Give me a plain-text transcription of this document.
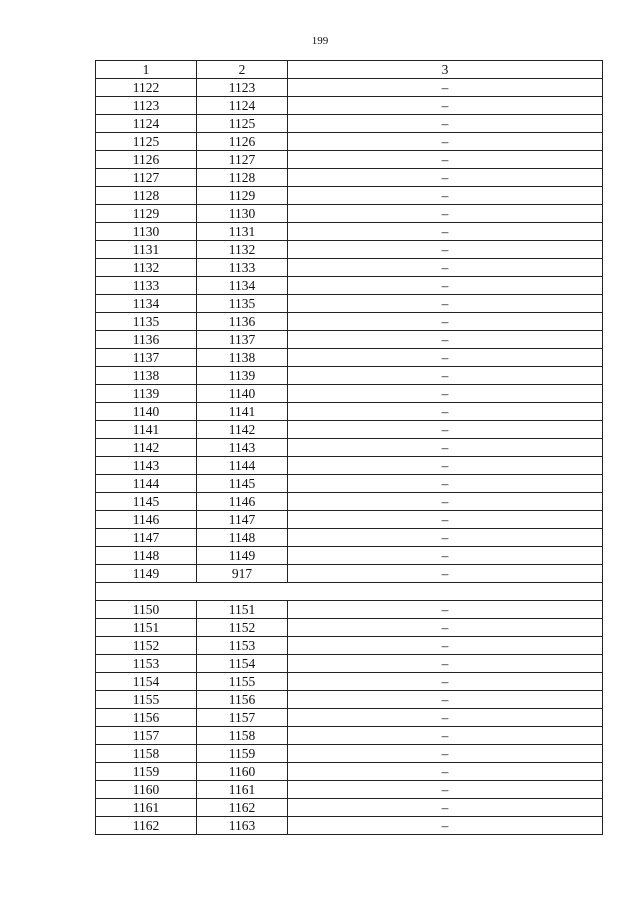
199
1	2	3
1122	1123	–
1123	1124	–
1124	1125	–
1125	1126	–
1126	1127	–
1127	1128	–
1128	1129	–
1129	1130	–
1130	1131	–
1131	1132	–
1132	1133	–
1133	1134	–
1134	1135	–
1135	1136	–
1136	1137	–
1137	1138	–
1138	1139	–
1139	1140	–
1140	1141	–
1141	1142	–
1142	1143	–
1143	1144	–
1144	1145	–
1145	1146	–
1146	1147	–
1147	1148	–
1148	1149	–
1149	917	–

1150	1151	–
1151	1152	–
1152	1153	–
1153	1154	–
1154	1155	–
1155	1156	–
1156	1157	–
1157	1158	–
1158	1159	–
1159	1160	–
1160	1161	–
1161	1162	–
1162	1163	–
